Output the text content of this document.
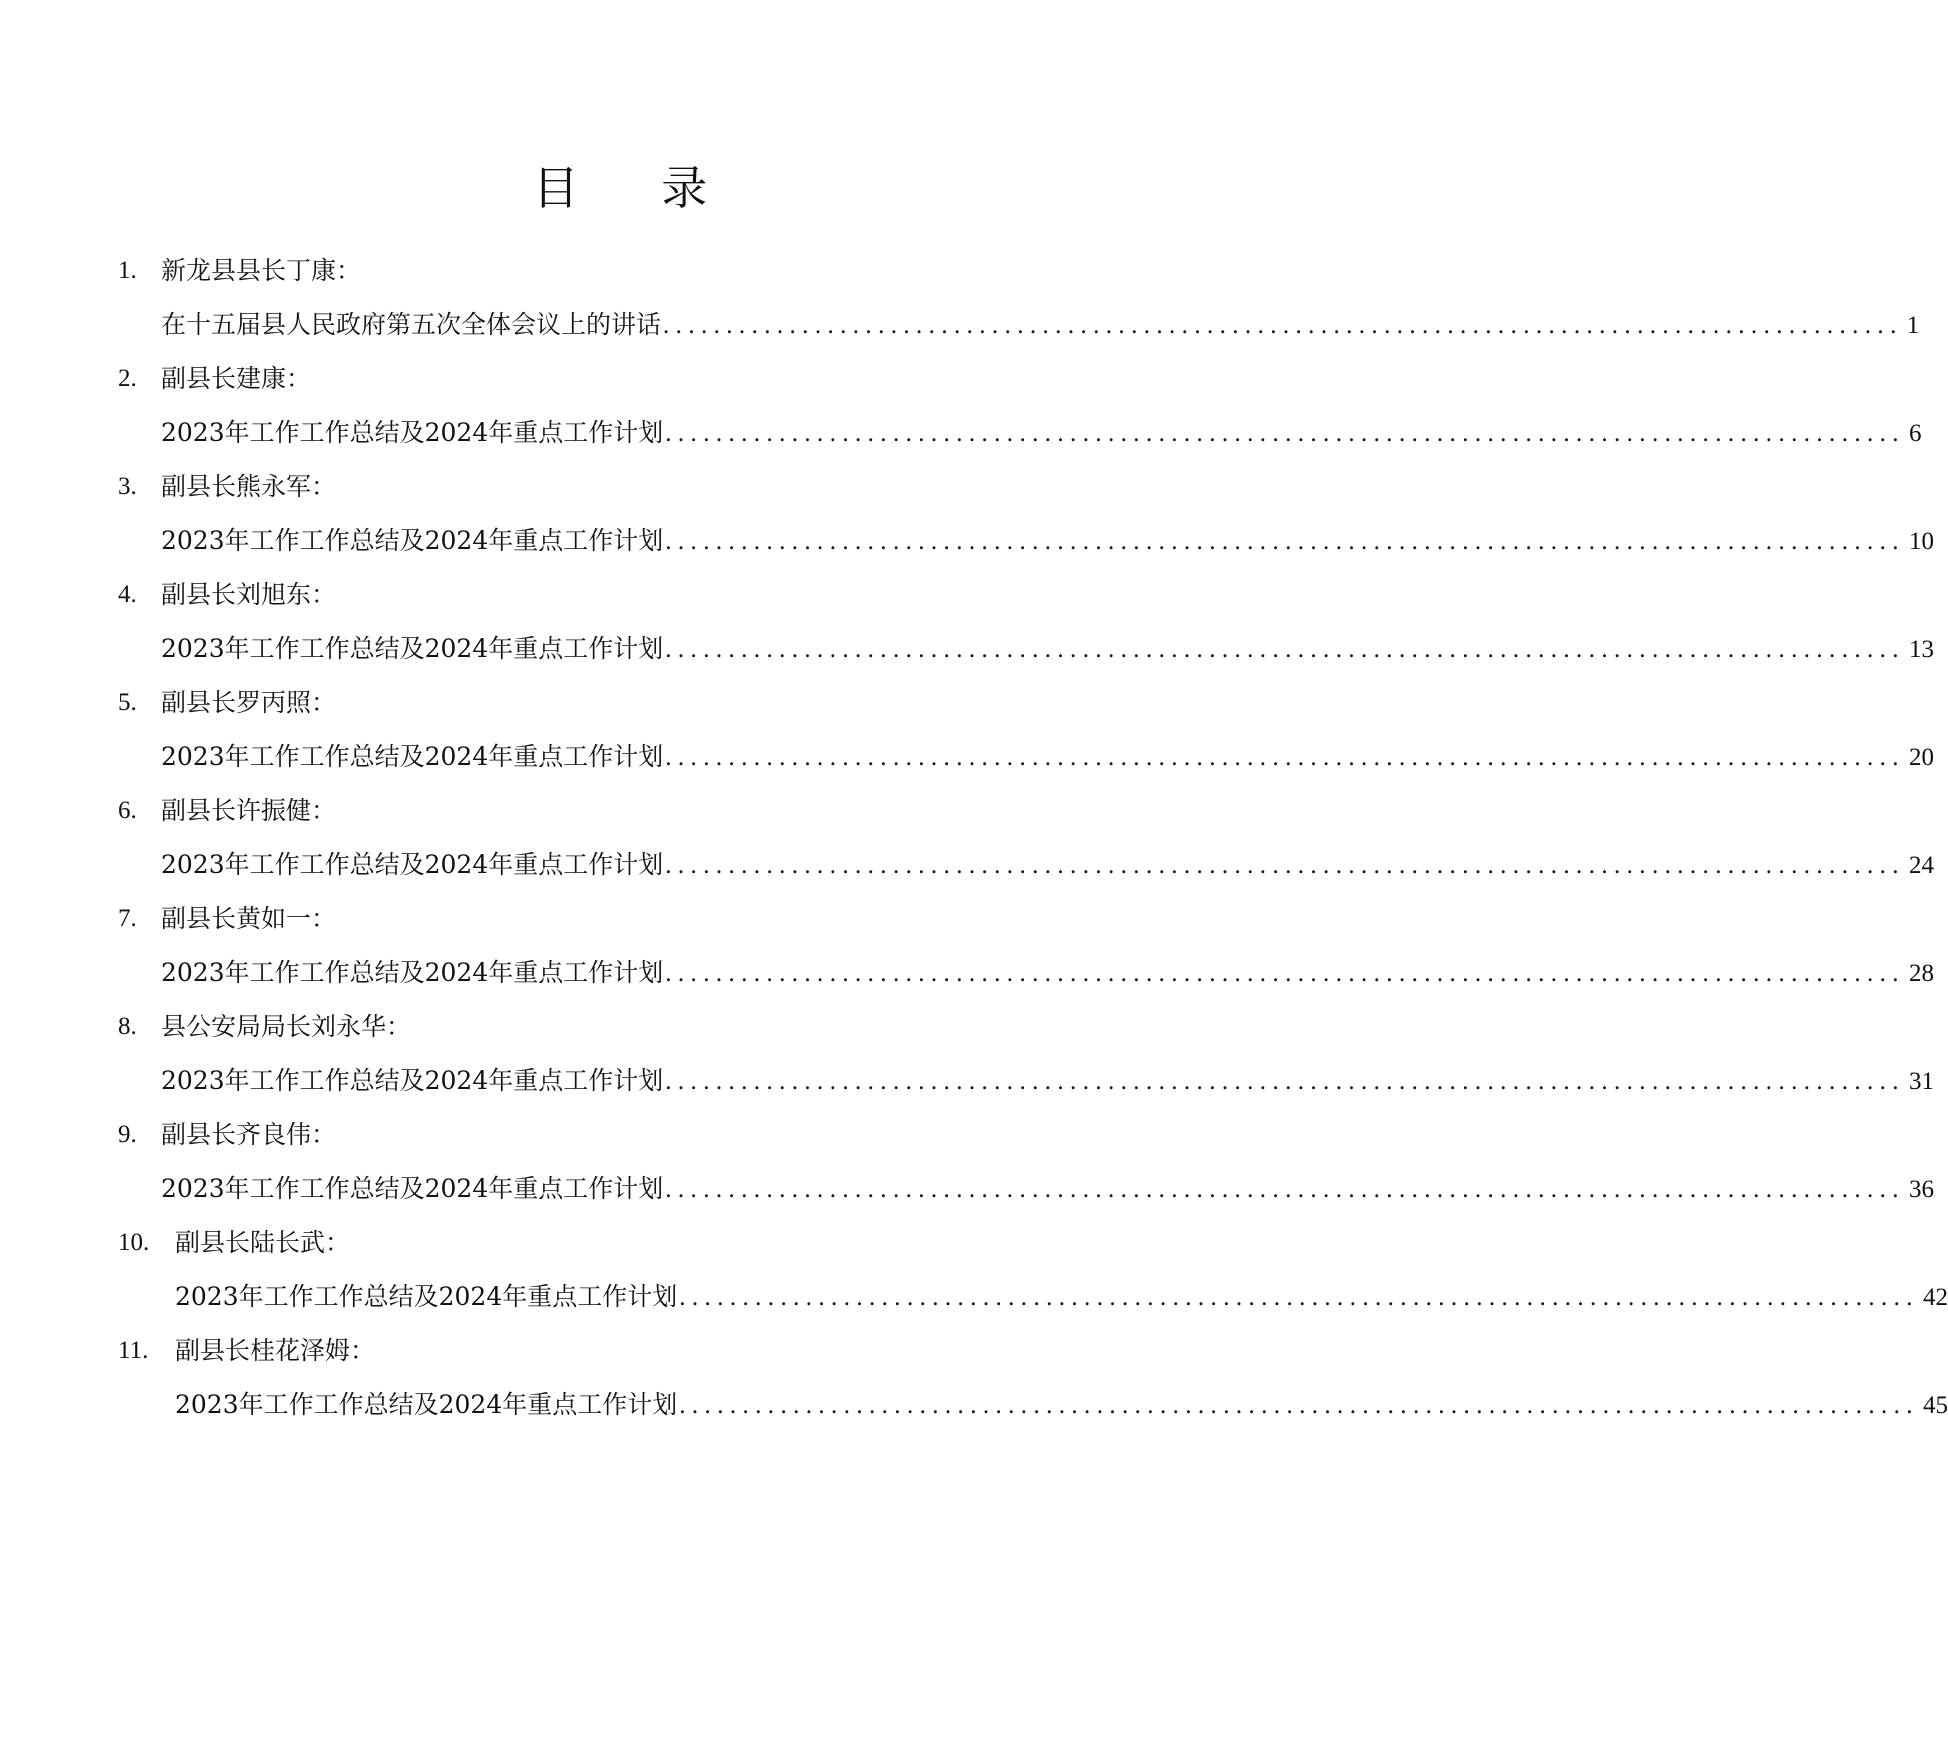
目 录
1. 新龙县县长丁康：
在十五届县人民政府第五次全体会议上的讲话 .................................................................................................. 1
2. 副县长建康：
2023年工作工作总结及2024年重点工作计划 .................................................................................................. 6
3. 副县长熊永军：
2023年工作工作总结及2024年重点工作计划 .................................................................................................. 10
4. 副县长刘旭东：
2023年工作工作总结及2024年重点工作计划 .................................................................................................. 13
5. 副县长罗丙照：
2023年工作工作总结及2024年重点工作计划 .................................................................................................. 20
6. 副县长许振健：
2023年工作工作总结及2024年重点工作计划 .................................................................................................. 24
7. 副县长黄如一：
2023年工作工作总结及2024年重点工作计划 .................................................................................................. 28
8. 县公安局局长刘永华：
2023年工作工作总结及2024年重点工作计划 .................................................................................................. 31
9. 副县长齐良伟：
2023年工作工作总结及2024年重点工作计划 .................................................................................................. 36
10.	副县长陆长武：
2023年工作工作总结及2024年重点工作计划 .................................................................................................. 42
11.	副县长桂花泽姆：
2023年工作工作总结及2024年重点工作计划 .................................................................................................. 45
